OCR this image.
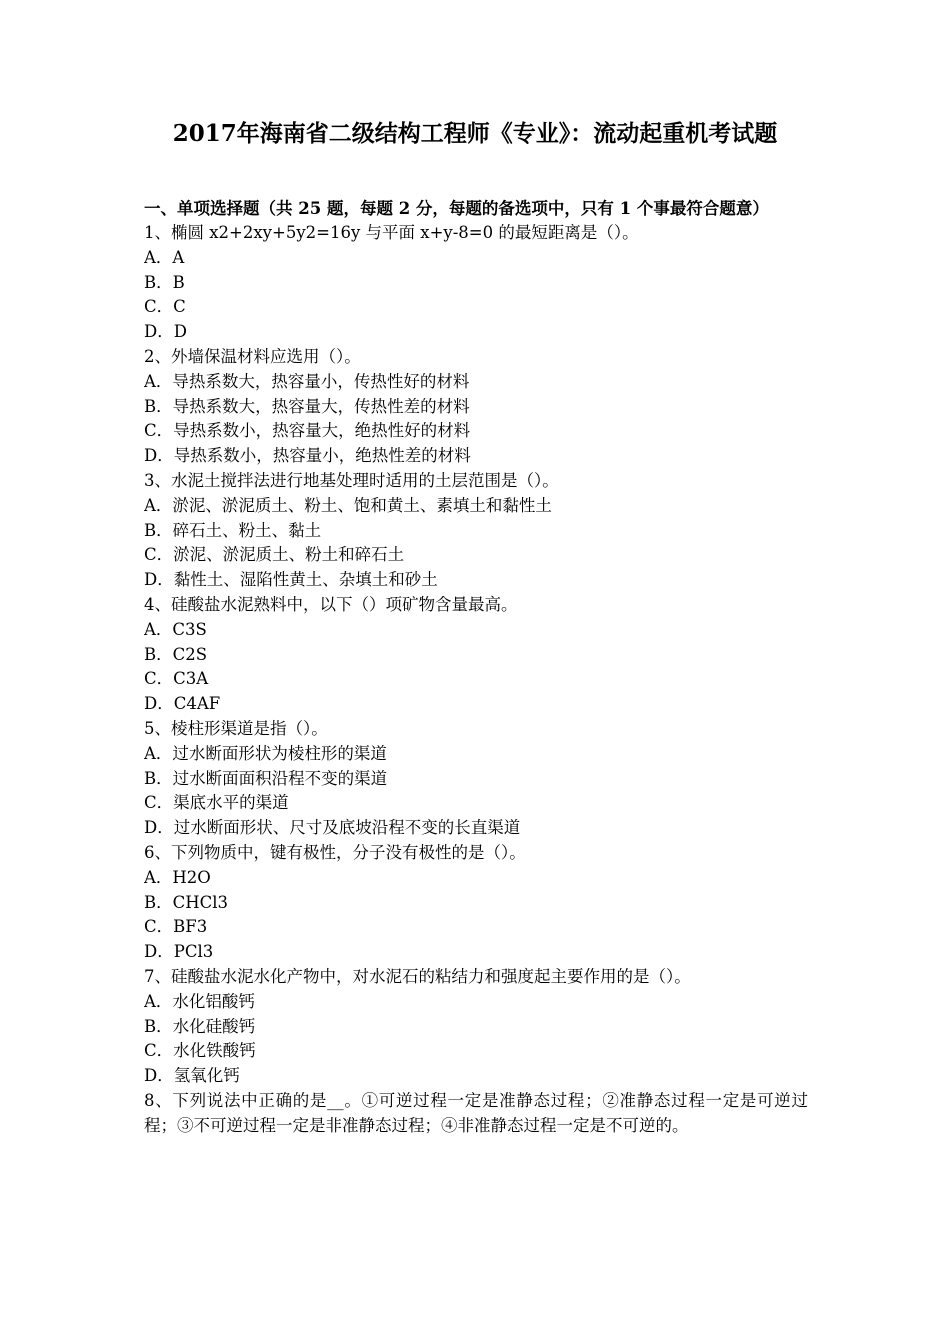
2017年海南省二级结构工程师《专业》：流动起重机考试题
一、单项选择题（共 25 题，每题 2 分，每题的备选项中，只有 1 个事最符合题意）
1、椭圆 x2+2xy+5y2=16y 与平面 x+y-8=0 的最短距离是（）。
A．A
B．B
C．C
D．D
2、外墙保温材料应选用（）。
A．导热系数大，热容量小，传热性好的材料
B．导热系数大，热容量大，传热性差的材料
C．导热系数小，热容量大，绝热性好的材料
D．导热系数小，热容量小，绝热性差的材料
3、水泥土搅拌法进行地基处理时适用的土层范围是（）。
A．淤泥、淤泥质土、粉土、饱和黄土、素填土和黏性土
B．碎石土、粉土、黏土
C．淤泥、淤泥质土、粉土和碎石土
D．黏性土、湿陷性黄土、杂填土和砂土
4、硅酸盐水泥熟料中，以下（）项矿物含量最高。
A．C3S
B．C2S
C．C3A
D．C4AF
5、棱柱形渠道是指（）。
A．过水断面形状为棱柱形的渠道
B．过水断面面积沿程不变的渠道
C．渠底水平的渠道
D．过水断面形状、尺寸及底坡沿程不变的长直渠道
6、下列物质中，键有极性，分子没有极性的是（）。
A．H2O
B．CHCl3
C．BF3
D．PCl3
7、硅酸盐水泥水化产物中，对水泥石的粘结力和强度起主要作用的是（）。
A．水化铝酸钙
B．水化硅酸钙
C．水化铁酸钙
D．氢氧化钙
8、下列说法中正确的是__。①可逆过程一定是准静态过程；②准静态过程一定是可逆过程；③不可逆过程一定是非准静态过程；④非准静态过程一定是不可逆的。
